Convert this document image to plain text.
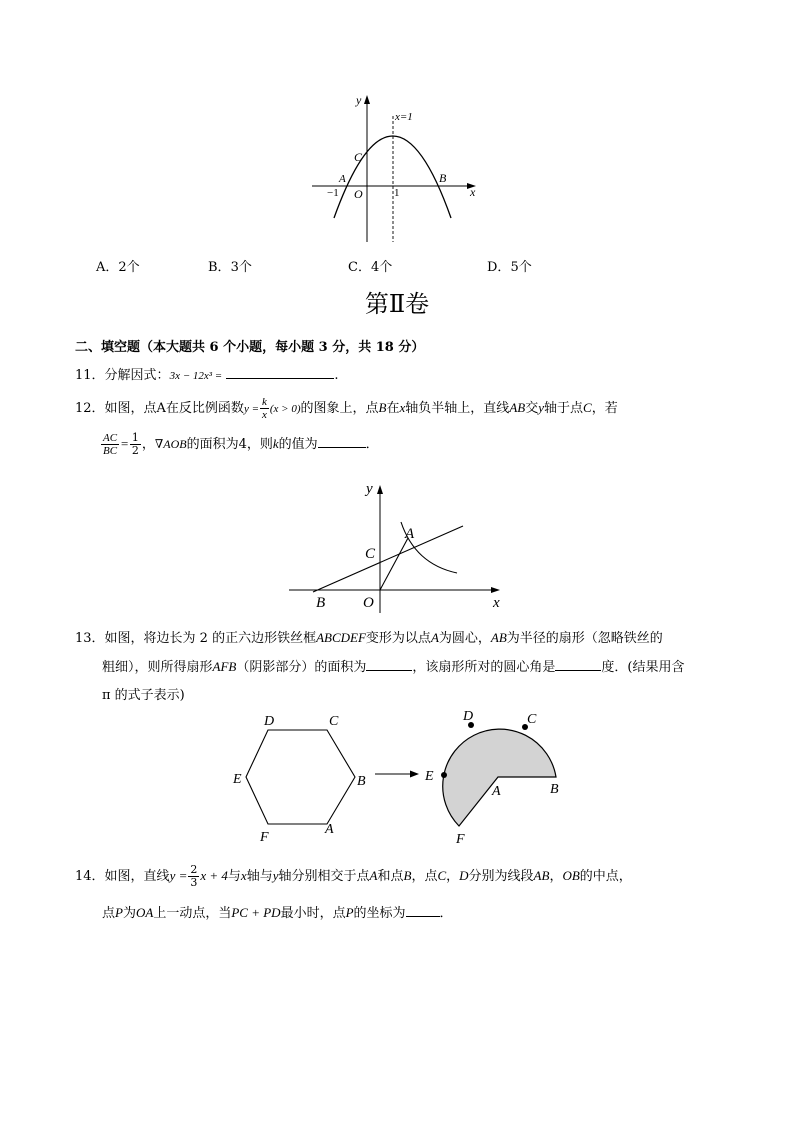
y
x
x=1
C
A	B
O
−1	1
A．2个	B．3个	C．4个	D．5个
第Ⅱ卷
二、填空题（本大题共 6 个小题，每小题 3 分，共 18 分）
11．分解因式：3x − 12x³ =	.
12．如图，点A在反比例函数$y = \frac{k}{x} (x > 0)$的图象上，点B在x轴负半轴上，直线AB交y轴于点C，若
$\frac{AC}{BC} = \frac{1}{2}$ ，∇AOB的面积为4，则k的值为	．
y
x
A
B
C
O
13．如图，将边长为 2 的正六边形铁丝框ABCDEF变形为以点A为圆心，AB为半径的扇形（忽略铁丝的
粗细），则所得扇形AFB（阴影部分）的面积为	，该扇形所对的圆心角是	度．(结果用含
π 的式子表示)
D	C
E	B
F
A
D	C
E
A	B
F
14．如图，直线$y = \frac{2}{3}$ x + 4与x轴与y轴分别相交于点A和点B，点C，D分别为线段AB，OB的中点，
点P为OA上一动点，当PC + PD最小时，点P的坐标为	．
